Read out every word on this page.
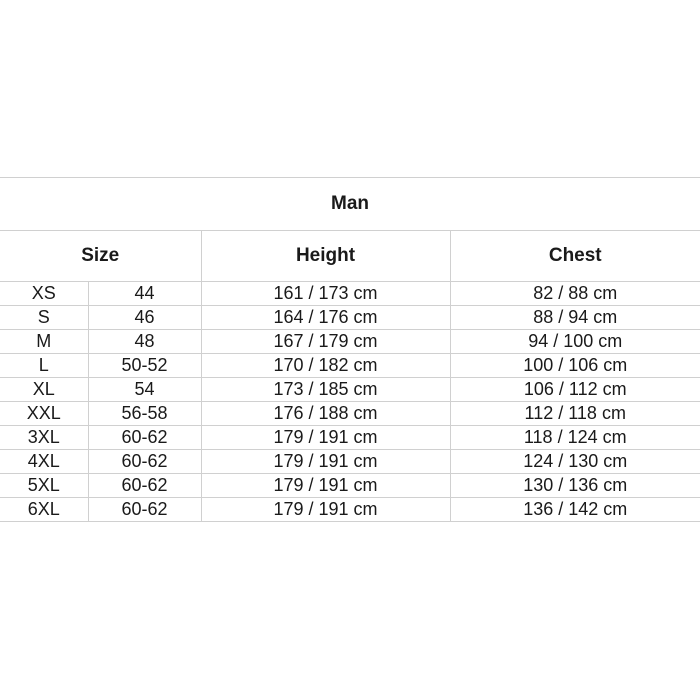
Man			
Size		Height	Chest
XS	44	161 / 173 cm	82 / 88 cm
S	46	164 / 176 cm	88 / 94 cm
M	48	167 / 179 cm	94 / 100 cm
L	50-52	170 / 182 cm	100 / 106 cm
XL	54	173 / 185 cm	106 / 112 cm
XXL	56-58	176 / 188 cm	112 / 118 cm
3XL	60-62	179 / 191 cm	118 / 124 cm
4XL	60-62	179 / 191 cm	124 / 130 cm
5XL	60-62	179 / 191 cm	130 / 136 cm
6XL	60-62	179 / 191 cm	136 / 142 cm
